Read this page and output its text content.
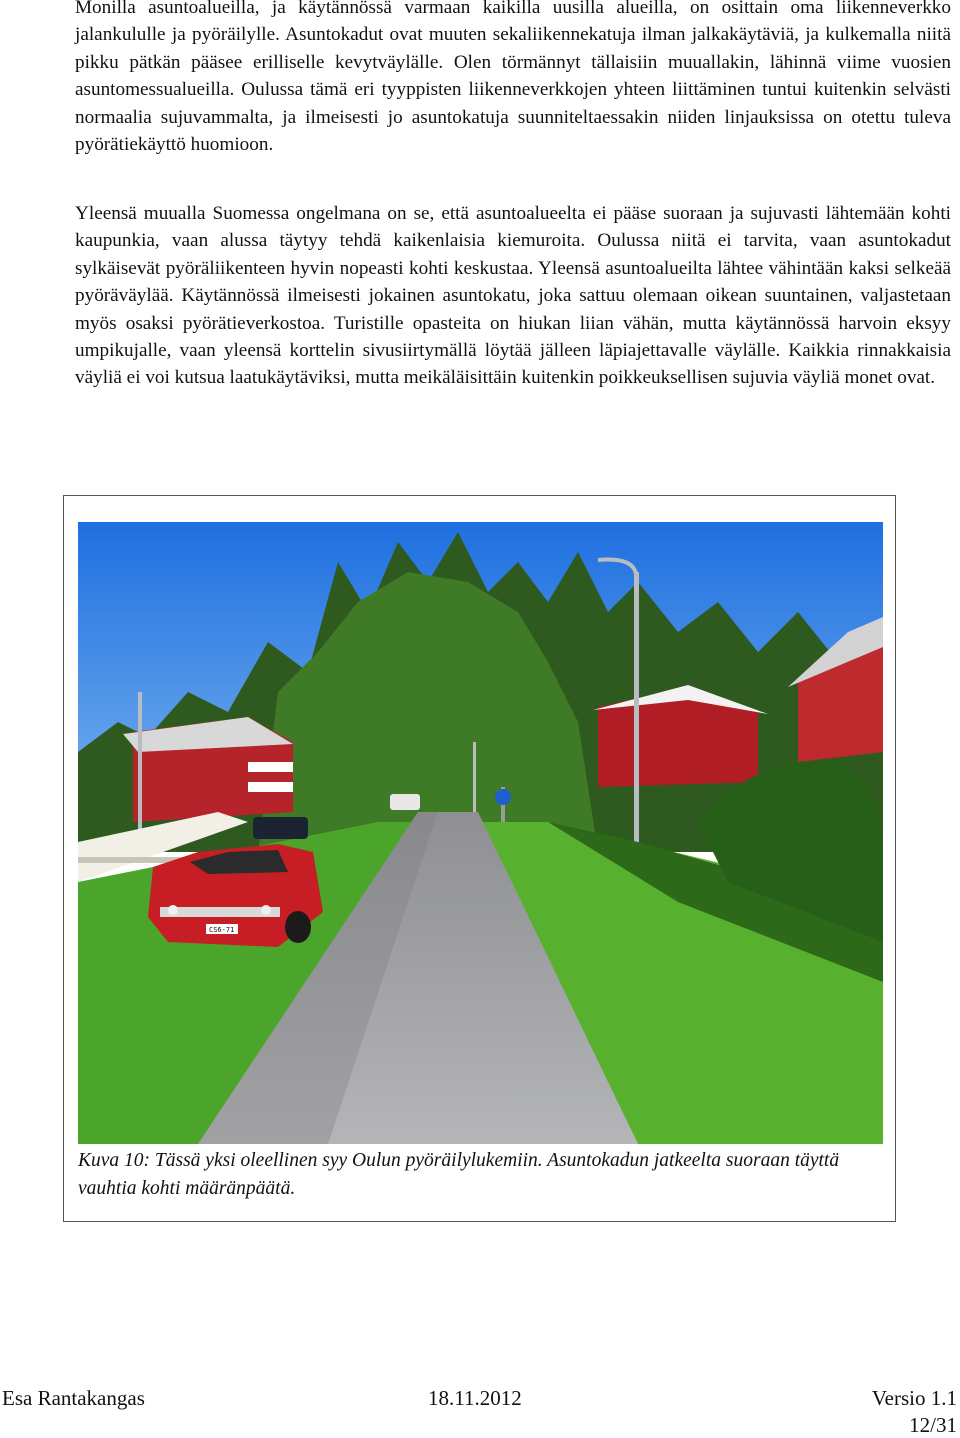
Monilla asuntoalueilla, ja käytännössä varmaan kaikilla uusilla alueilla, on osittain oma liikenneverkko jalankululle ja pyöräilylle. Asuntokadut ovat muuten sekaliikennekatuja ilman jalkakäytäviä, ja kulkemalla niitä pikku pätkän pääsee erilliselle kevytväylälle. Olen törmännyt tällaisiin muuallakin, lähinnä viime vuosien asuntomessualueilla. Oulussa tämä eri tyyppisten liikenneverkkojen yhteen liittäminen tuntui kuitenkin selvästi normaalia sujuvammalta, ja ilmeisesti jo asuntokatuja suunniteltaessakin niiden linjauksissa on otettu tuleva pyörätiekäyttö huomioon.

Yleensä muualla Suomessa ongelmana on se, että asuntoalueelta ei pääse suoraan ja sujuvasti lähtemään kohti kaupunkia, vaan alussa täytyy tehdä kaikenlaisia kiemuroita. Oulussa niitä ei tarvita, vaan asuntokadut sylkäisevät pyöräliikenteen hyvin nopeasti kohti keskustaa. Yleensä asuntoalueilta lähtee vähintään kaksi selkeää pyöräväylää. Käytännössä ilmeisesti jokainen asuntokatu, joka sattuu olemaan oikean suuntainen, valjastetaan myös osaksi pyörätieverkostoa. Turistille opasteita on hiukan liian vähän, mutta käytännössä harvoin eksyy umpikujalle, vaan yleensä korttelin sivusiirtymällä löytää jälleen läpiajettavalle väylälle. Kaikkia rinnakkaisia väyliä ei voi kutsua laatukäytäviksi, mutta meikäläisittäin kuitenkin poikkeuksellisen sujuvia väyliä monet ovat.

CS6-71

Kuva 10: Tässä yksi oleellinen syy Oulun pyöräilylukemiin. Asuntokadun jatkeelta suoraan täyttä vauhtia kohti määränpäätä.

Esa Rantakangas	18.11.2012	Versio 1.1
12/31
